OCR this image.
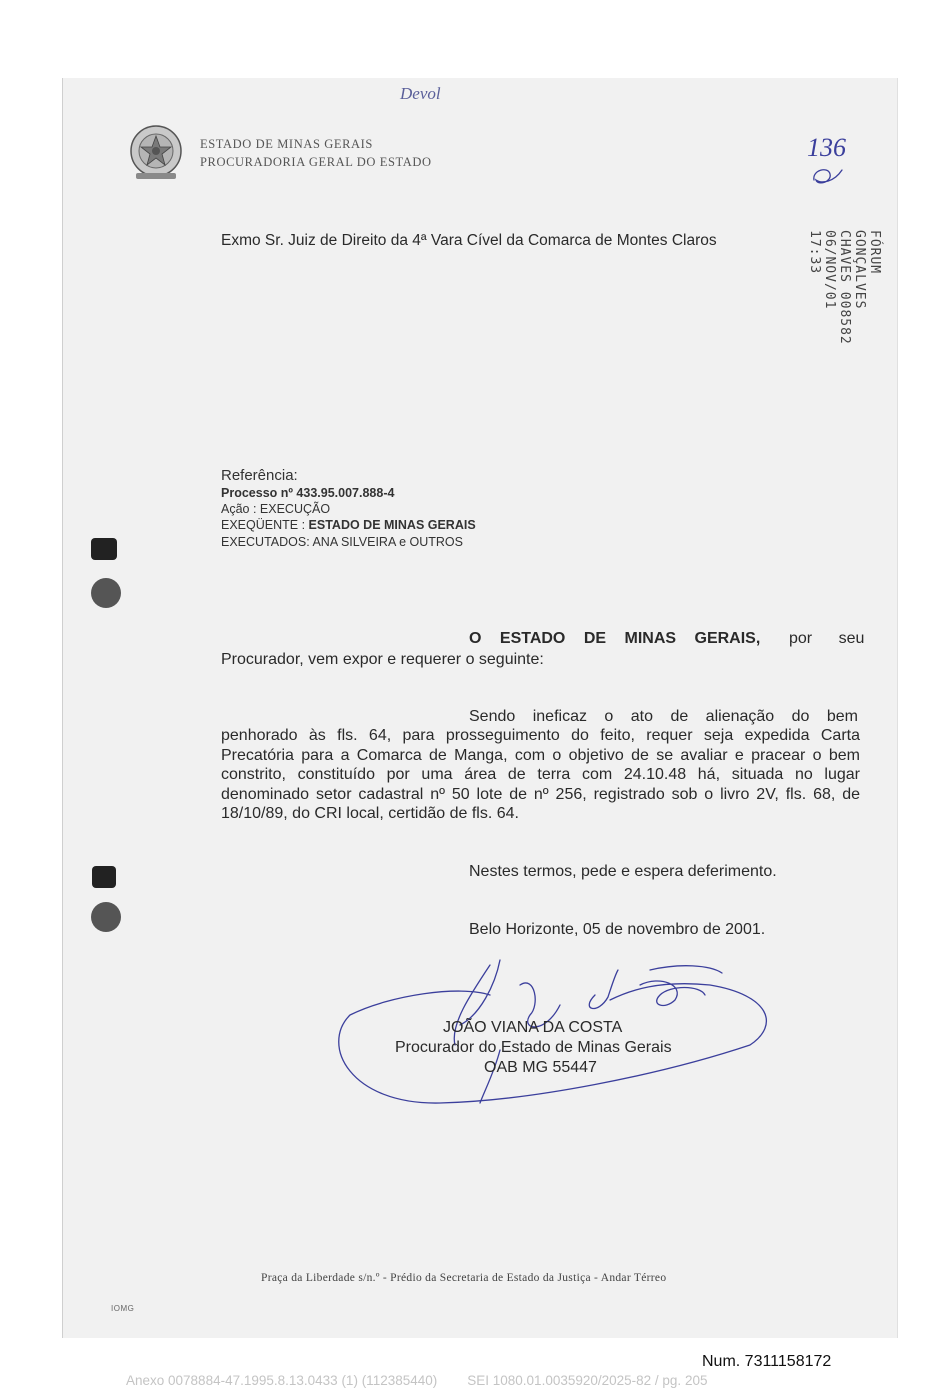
ESTADO DE MINAS GERAIS
PROCURADORIA GERAL DO ESTADO
Devol
136
Exmo Sr. Juiz de Direito da 4ª Vara Cível da Comarca de Montes Claros	FÓRUM GONÇALVES CHAVES 008582 06/NOV/01 17:33
Referência:
Processo nº 433.95.007.888-4
Ação : EXECUÇÃO
EXEQÜENTE : ESTADO DE MINAS GERAIS
EXECUTADOS: ANA SILVEIRA e OUTROS
O ESTADO DE MINAS GERAIS, por seu
Procurador, vem expor e requerer o seguinte:
Sendo ineficaz o ato de alienação do bem
penhorado às fls. 64, para prosseguimento do feito, requer seja expedida Carta Precatória para a Comarca de Manga, com o objetivo de se avaliar e pracear o bem constrito, constituído por uma área de terra com 24.10.48 há, situada no lugar denominado setor cadastral nº 50 lote de nº 256, registrado sob o livro 2V, fls. 68, de 18/10/89, do CRI local, certidão de fls. 64.
Nestes termos, pede e espera deferimento.
Belo Horizonte, 05 de novembro de 2001.
JOÃO VIANA DA COSTA
Procurador do Estado de Minas Gerais
OAB MG 55447
Praça da Liberdade s/n.º - Prédio da Secretaria de Estado da Justiça - Andar Térreo
IOMG
Num. 7311158172
Anexo 0078884-47.1995.8.13.0433 (1) (112385440)        SEI 1080.01.0035920/2025-82 / pg. 205
